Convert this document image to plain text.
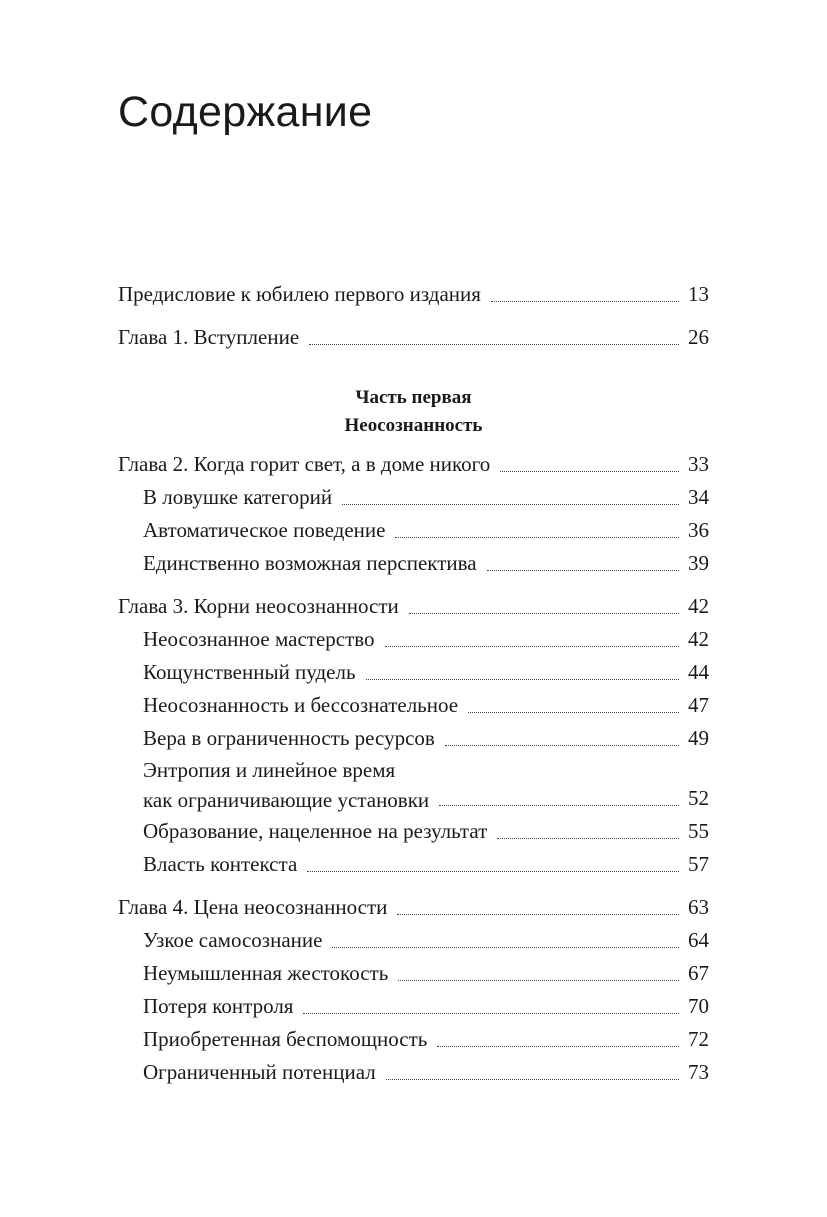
Содержание
Предисловие к юбилею первого издания	13
Глава 1. Вступление	26
Часть первая
Неосознанность
Глава 2. Когда горит свет, а в доме никого	33
В ловушке категорий	34
Автоматическое поведение	36
Единственно возможная перспектива	39
Глава 3. Корни неосознанности	42
Неосознанное мастерство	42
Кощунственный пудель	44
Неосознанность и бессознательное	47
Вера в ограниченность ресурсов	49
Энтропия и линейное время
как ограничивающие установки	52
Образование, нацеленное на результат	55
Власть контекста	57
Глава 4. Цена неосознанности	63
Узкое самосознание	64
Неумышленная жестокость	67
Потеря контроля	70
Приобретенная беспомощность	72
Ограниченный потенциал	73
